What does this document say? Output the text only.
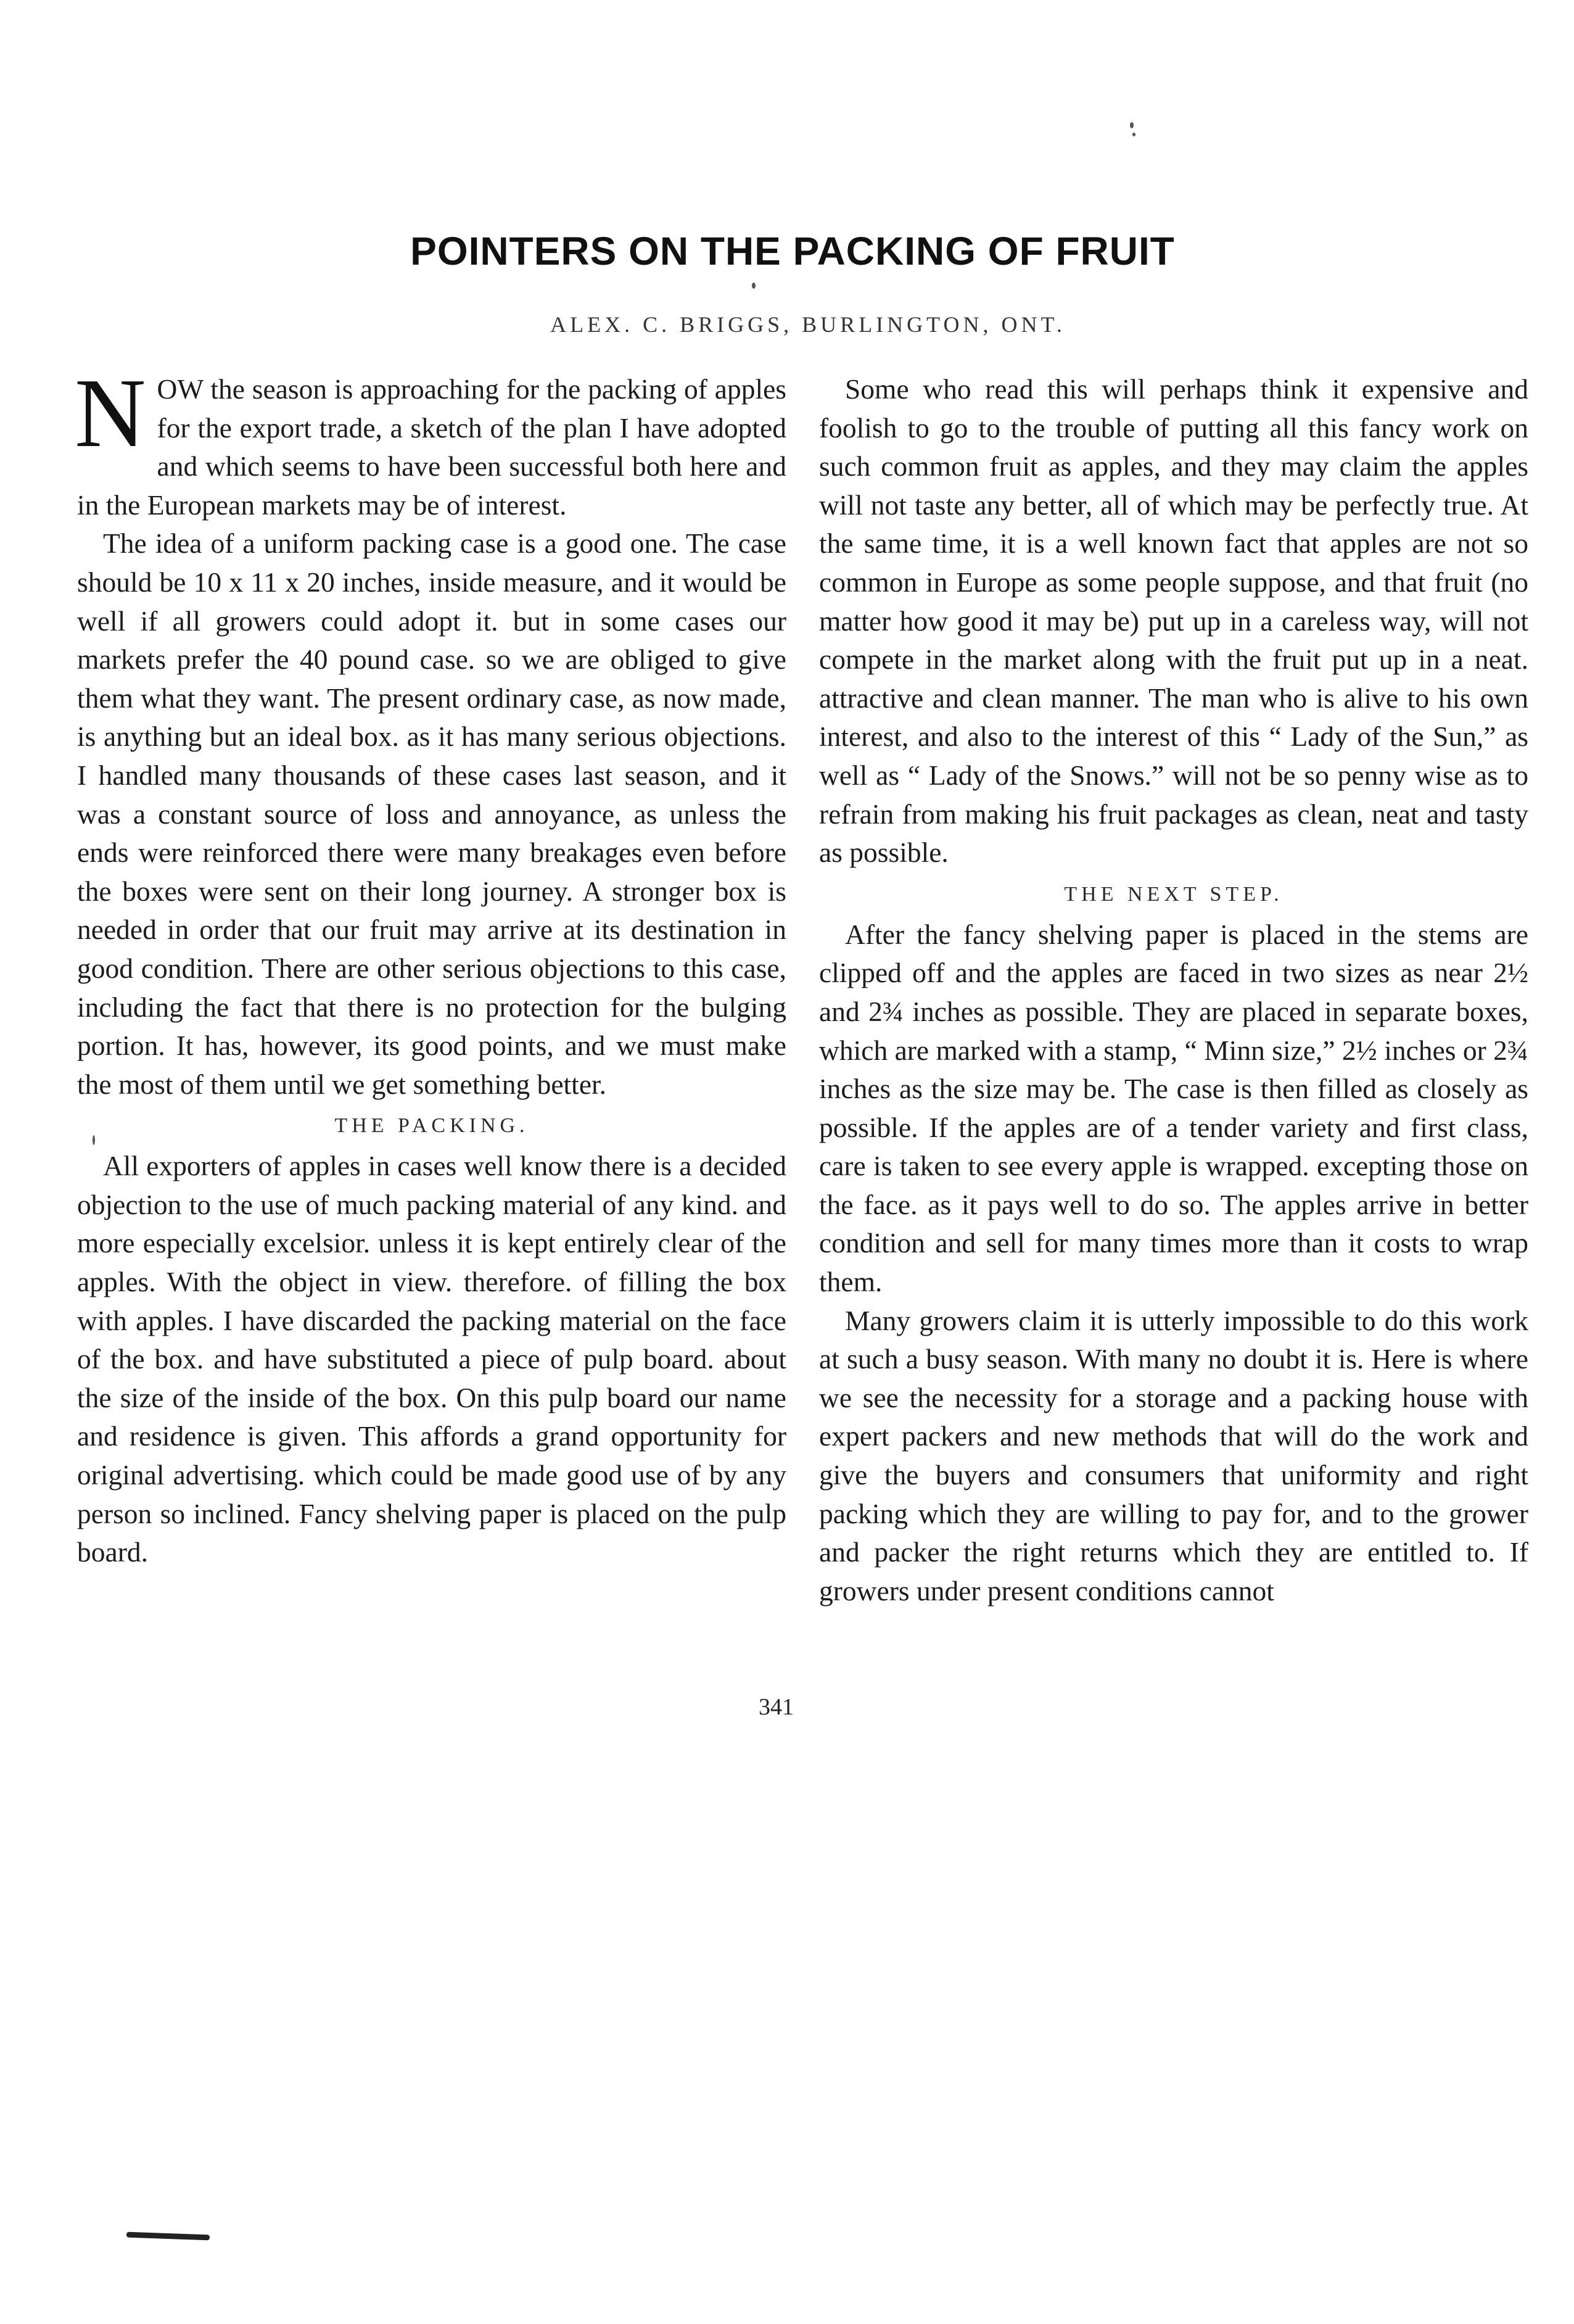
POINTERS ON THE PACKING OF FRUIT
ALEX. C. BRIGGS, BURLINGTON, ONT.

NOW the season is approaching for the packing of apples for the export trade, a sketch of the plan I have adopted and which seems to have been successful both here and in the European markets may be of interest.

The idea of a uniform packing case is a good one. The case should be 10 x 11 x 20 inches, inside measure, and it would be well if all growers could adopt it. but in some cases our markets prefer the 40 pound case. so we are obliged to give them what they want. The present ordinary case, as now made, is anything but an ideal box. as it has many serious objections. I handled many thousands of these cases last season, and it was a constant source of loss and annoyance, as unless the ends were reinforced there were many breakages even before the boxes were sent on their long journey. A stronger box is needed in order that our fruit may arrive at its destination in good condition. There are other serious objections to this case, including the fact that there is no protection for the bulging portion. It has, however, its good points, and we must make the most of them until we get something better.

THE PACKING.

All exporters of apples in cases well know there is a decided objection to the use of much packing material of any kind. and more especially excelsior. unless it is kept entirely clear of the apples. With the object in view. therefore. of filling the box with apples. I have discarded the packing material on the face of the box. and have substituted a piece of pulp board. about the size of the inside of the box. On this pulp board our name and residence is given. This affords a grand opportunity for original advertising. which could be made good use of by any person so inclined. Fancy shelving paper is placed on the pulp board.

Some who read this will perhaps think it expensive and foolish to go to the trouble of putting all this fancy work on such common fruit as apples, and they may claim the apples will not taste any better, all of which may be perfectly true. At the same time, it is a well known fact that apples are not so common in Europe as some people suppose, and that fruit (no matter how good it may be) put up in a careless way, will not compete in the market along with the fruit put up in a neat. attractive and clean manner. The man who is alive to his own interest, and also to the interest of this “ Lady of the Sun,” as well as “ Lady of the Snows.” will not be so penny wise as to refrain from making his fruit packages as clean, neat and tasty as possible.

THE NEXT STEP.

After the fancy shelving paper is placed in the stems are clipped off and the apples are faced in two sizes as near 2½ and 2¾ inches as possible. They are placed in separate boxes, which are marked with a stamp, “ Minn size,” 2½ inches or 2¾ inches as the size may be. The case is then filled as closely as possible. If the apples are of a tender variety and first class, care is taken to see every apple is wrapped. excepting those on the face. as it pays well to do so. The apples arrive in better condition and sell for many times more than it costs to wrap them.

Many growers claim it is utterly impossible to do this work at such a busy season. With many no doubt it is. Here is where we see the necessity for a storage and a packing house with expert packers and new methods that will do the work and give the buyers and consumers that uniformity and right packing which they are willing to pay for, and to the grower and packer the right returns which they are entitled to. If growers under present conditions cannot

341
